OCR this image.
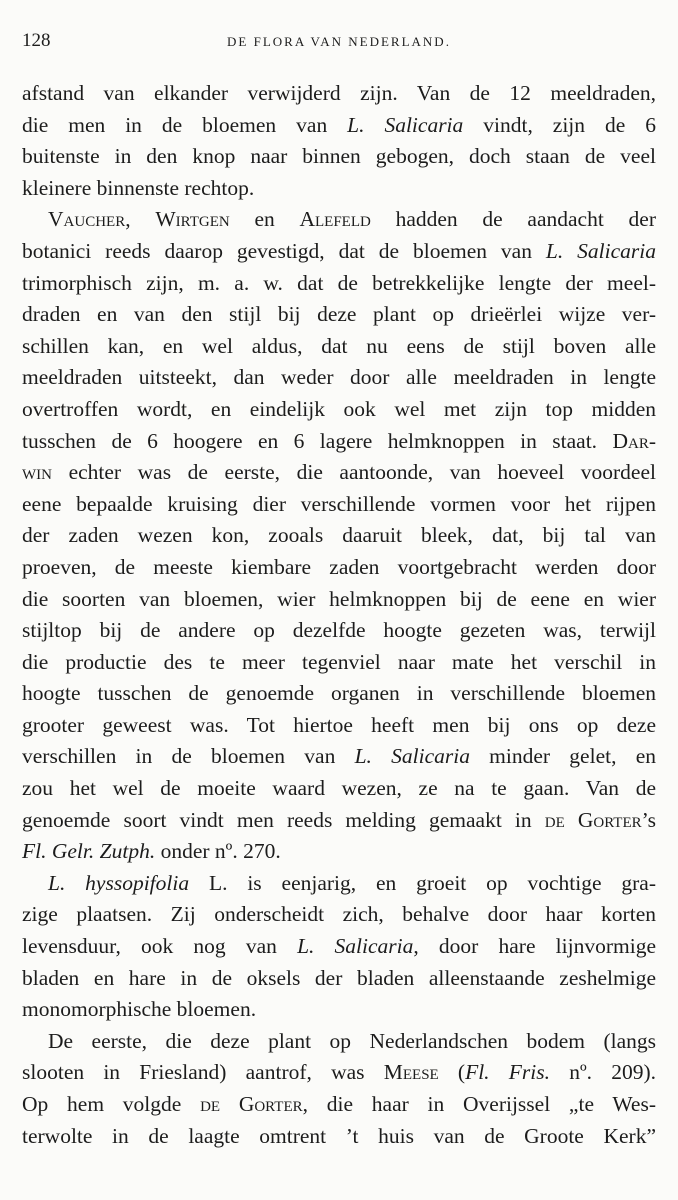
128	DE FLORA VAN NEDERLAND.
afstand van elkander verwijderd zijn. Van de 12 meeldraden,
die men in de bloemen van L. Salicaria vindt, zijn de 6
buitenste in den knop naar binnen gebogen, doch staan de veel
kleinere binnenste rechtop.
Vaucher, Wirtgen en Alefeld hadden de aandacht der
botanici reeds daarop gevestigd, dat de bloemen van L. Salicaria
trimorphisch zijn, m. a. w. dat de betrekkelijke lengte der meel-
draden en van den stijl bij deze plant op drieërlei wijze ver-
schillen kan, en wel aldus, dat nu eens de stijl boven alle
meeldraden uitsteekt, dan weder door alle meeldraden in lengte
overtroffen wordt, en eindelijk ook wel met zijn top midden
tusschen de 6 hoogere en 6 lagere helmknoppen in staat. Dar-
win echter was de eerste, die aantoonde, van hoeveel voordeel
eene bepaalde kruising dier verschillende vormen voor het rijpen
der zaden wezen kon, zooals daaruit bleek, dat, bij tal van
proeven, de meeste kiembare zaden voortgebracht werden door
die soorten van bloemen, wier helmknoppen bij de eene en wier
stijltop bij de andere op dezelfde hoogte gezeten was, terwijl
die productie des te meer tegenviel naar mate het verschil in
hoogte tusschen de genoemde organen in verschillende bloemen
grooter geweest was. Tot hiertoe heeft men bij ons op deze
verschillen in de bloemen van L. Salicaria minder gelet, en
zou het wel de moeite waard wezen, ze na te gaan. Van de
genoemde soort vindt men reeds melding gemaakt in de Gorter’s
Fl. Gelr. Zutph. onder nº. 270.
L. hyssopifolia L. is eenjarig, en groeit op vochtige gra-
zige plaatsen. Zij onderscheidt zich, behalve door haar korten
levensduur, ook nog van L. Salicaria, door hare lijnvormige
bladen en hare in de oksels der bladen alleenstaande zeshelmige
monomorphische bloemen.
De eerste, die deze plant op Nederlandschen bodem (langs
slooten in Friesland) aantrof, was Meese (Fl. Fris. nº. 209).
Op hem volgde de Gorter, die haar in Overijssel „te Wes-
terwolte in de laagte omtrent ’t huis van de Groote Kerk”
